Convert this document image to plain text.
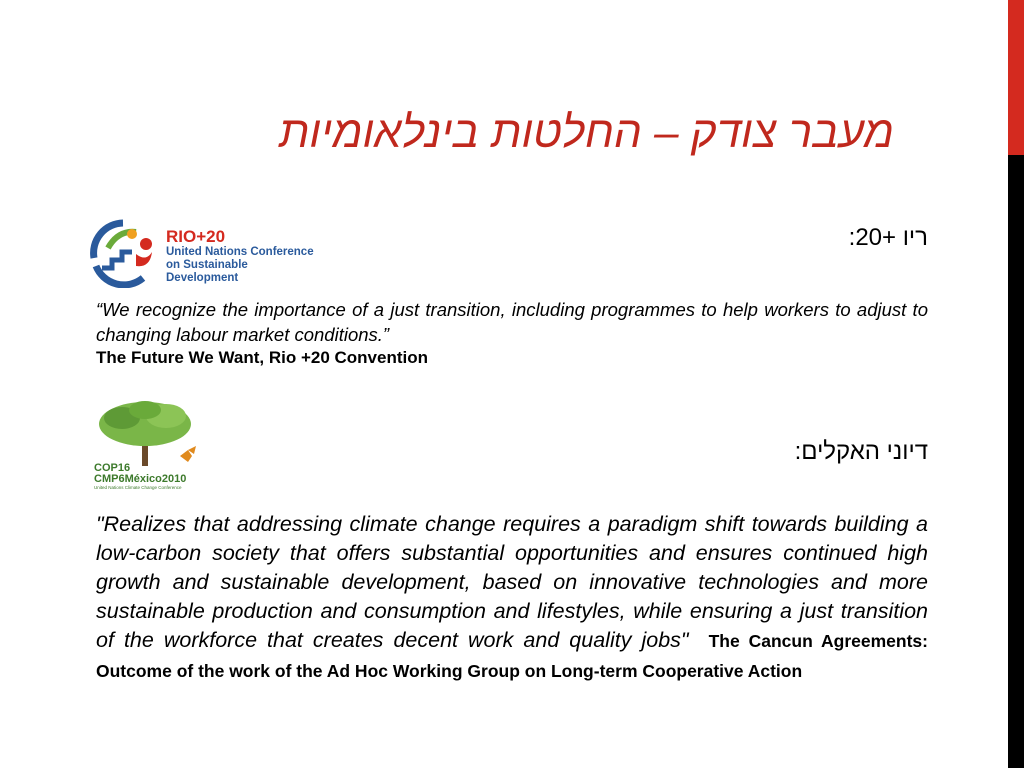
מעבר צודק – החלטות בינלאומיות
RIO+20
United Nations Conference
on Sustainable Development
ריו +20:
“We recognize the importance of a just transition, including programmes to help workers to adjust to changing labour market conditions.”
The Future We Want, Rio +20 Convention
COP16
CMP6México2010
United Nations Climate Change Conference
דיוני האקלים:
"Realizes that addressing climate change requires a paradigm shift towards building a low-carbon society that offers substantial opportunities and ensures continued high growth and sustainable development, based on innovative technologies and more sustainable production and consumption and lifestyles, while ensuring a just transition of the workforce that creates decent work and quality jobs" The Cancun Agreements: Outcome of the work of the Ad Hoc Working Group on Long-term Cooperative Action
